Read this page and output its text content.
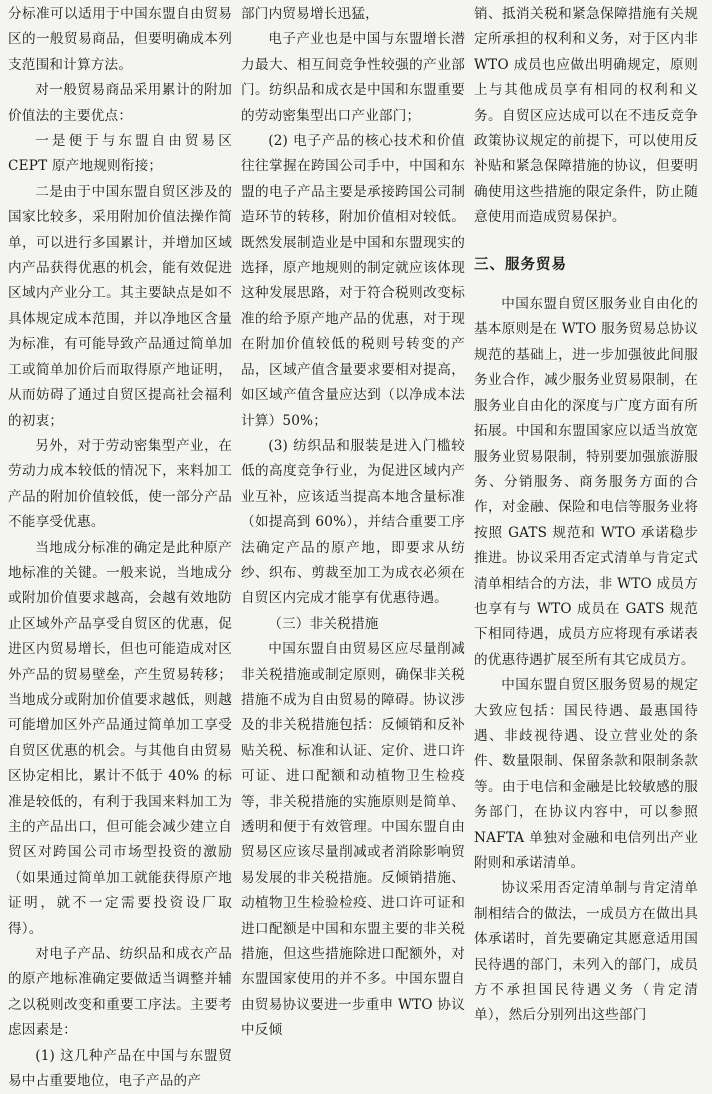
分标准可以适用于中国东盟自由贸易区的一般贸易商品，但要明确成本列支范围和计算方法。

对一般贸易商品采用累计的附加价值法的主要优点：

一是便于与东盟自由贸易区CEPT 原产地规则衔接；

二是由于中国东盟自贸区涉及的国家比较多，采用附加价值法操作简单，可以进行多国累计，并增加区域内产品获得优惠的机会，能有效促进区域内产业分工。其主要缺点是如不具体规定成本范围，并以净地区含量为标准，有可能导致产品通过简单加工或简单加价后而取得原产地证明，从而妨碍了通过自贸区提高社会福利的初衷；

另外，对于劳动密集型产业，在劳动力成本较低的情况下，来料加工产品的附加价值较低，使一部分产品不能享受优惠。

当地成分标准的确定是此种原产地标准的关键。一般来说，当地成分或附加价值要求越高，会越有效地防止区域外产品享受自贸区的优惠，促进区内贸易增长，但也可能造成对区外产品的贸易壁垒，产生贸易转移；当地成分或附加价值要求越低，则越可能增加区外产品通过简单加工享受自贸区优惠的机会。与其他自由贸易区协定相比，累计不低于 40% 的标准是较低的，有利于我国来料加工为主的产品出口，但可能会减少建立自贸区对跨国公司市场型投资的激励（如果通过简单加工就能获得原产地证明，就不一定需要投资设厂取得）。

对电子产品、纺织品和成衣产品的原产地标准确定要做适当调整并辅之以税则改变和重要工序法。主要考虑因素是：

(1) 这几种产品在中国与东盟贸易中占重要地位，电子产品的产

部门内贸易增长迅猛，

电子产业也是中国与东盟增长潜力最大、相互间竞争性较强的产业部门。纺织品和成衣是中国和东盟重要的劳动密集型出口产业部门；

(2) 电子产品的核心技术和价值往往掌握在跨国公司手中，中国和东盟的电子产品主要是承接跨国公司制造环节的转移，附加价值相对较低。既然发展制造业是中国和东盟现实的选择，原产地规则的制定就应该体现这种发展思路，对于符合税则改变标准的给予原产地产品的优惠，对于现在附加价值较低的税则号转变的产品，区域产值含量要求要相对提高，如区域产值含量应达到（以净成本法计算）50%；

(3) 纺织品和服装是进入门槛较低的高度竞争行业，为促进区域内产业互补，应该适当提高本地含量标准（如提高到 60%），并结合重要工序法确定产品的原产地，即要求从纺纱、织布、剪裁至加工为成衣必须在自贸区内完成才能享有优惠待遇。

（三）非关税措施

中国东盟自由贸易区应尽量削减非关税措施或制定原则，确保非关税措施不成为自由贸易的障碍。协议涉及的非关税措施包括：反倾销和反补贴关税、标准和认证、定价、进口许可证、进口配额和动植物卫生检疫等，非关税措施的实施原则是简单、透明和便于有效管理。中国东盟自由贸易区应该尽量削减或者消除影响贸易发展的非关税措施。反倾销措施、动植物卫生检验检疫、进口许可证和进口配额是中国和东盟主要的非关税措施，但这些措施除进口配额外，对东盟国家使用的并不多。中国东盟自由贸易协议要进一步重申 WTO 协议中反倾

销、抵消关税和紧急保障措施有关规定所承担的权利和义务，对于区内非 WTO 成员也应做出明确规定，原则上与其他成员享有相同的权利和义务。自贸区应达成可以在不违反竞争政策协议规定的前提下，可以使用反补贴和紧急保障措施的协议，但要明确使用这些措施的限定条件，防止随意使用而造成贸易保护。

三、服务贸易

中国东盟自贸区服务业自由化的基本原则是在 WTO 服务贸易总协议规范的基础上，进一步加强彼此间服务业合作，减少服务业贸易限制，在服务业自由化的深度与广度方面有所拓展。中国和东盟国家应以适当放宽服务业贸易限制，特别要加强旅游服务、分销服务、商务服务方面的合作，对金融、保险和电信等服务业将按照 GATS 规范和 WTO 承诺稳步推进。协议采用否定式清单与肯定式清单相结合的方法，非 WTO 成员方也享有与 WTO 成员在 GATS 规范下相同待遇，成员方应将现有承诺表的优惠待遇扩展至所有其它成员方。

中国东盟自贸区服务贸易的规定大致应包括：国民待遇、最惠国待遇、非歧视待遇、设立营业处的条件、数量限制、保留条款和限制条款等。由于电信和金融是比较敏感的服务部门，在协议内容中，可以参照 NAFTA 单独对金融和电信列出产业附则和承诺清单。

协议采用否定清单制与肯定清单制相结合的做法，一成员方在做出具体承诺时，首先要确定其愿意适用国民待遇的部门，未列入的部门，成员方不承担国民待遇义务（肯定清单），然后分别列出这些部门
